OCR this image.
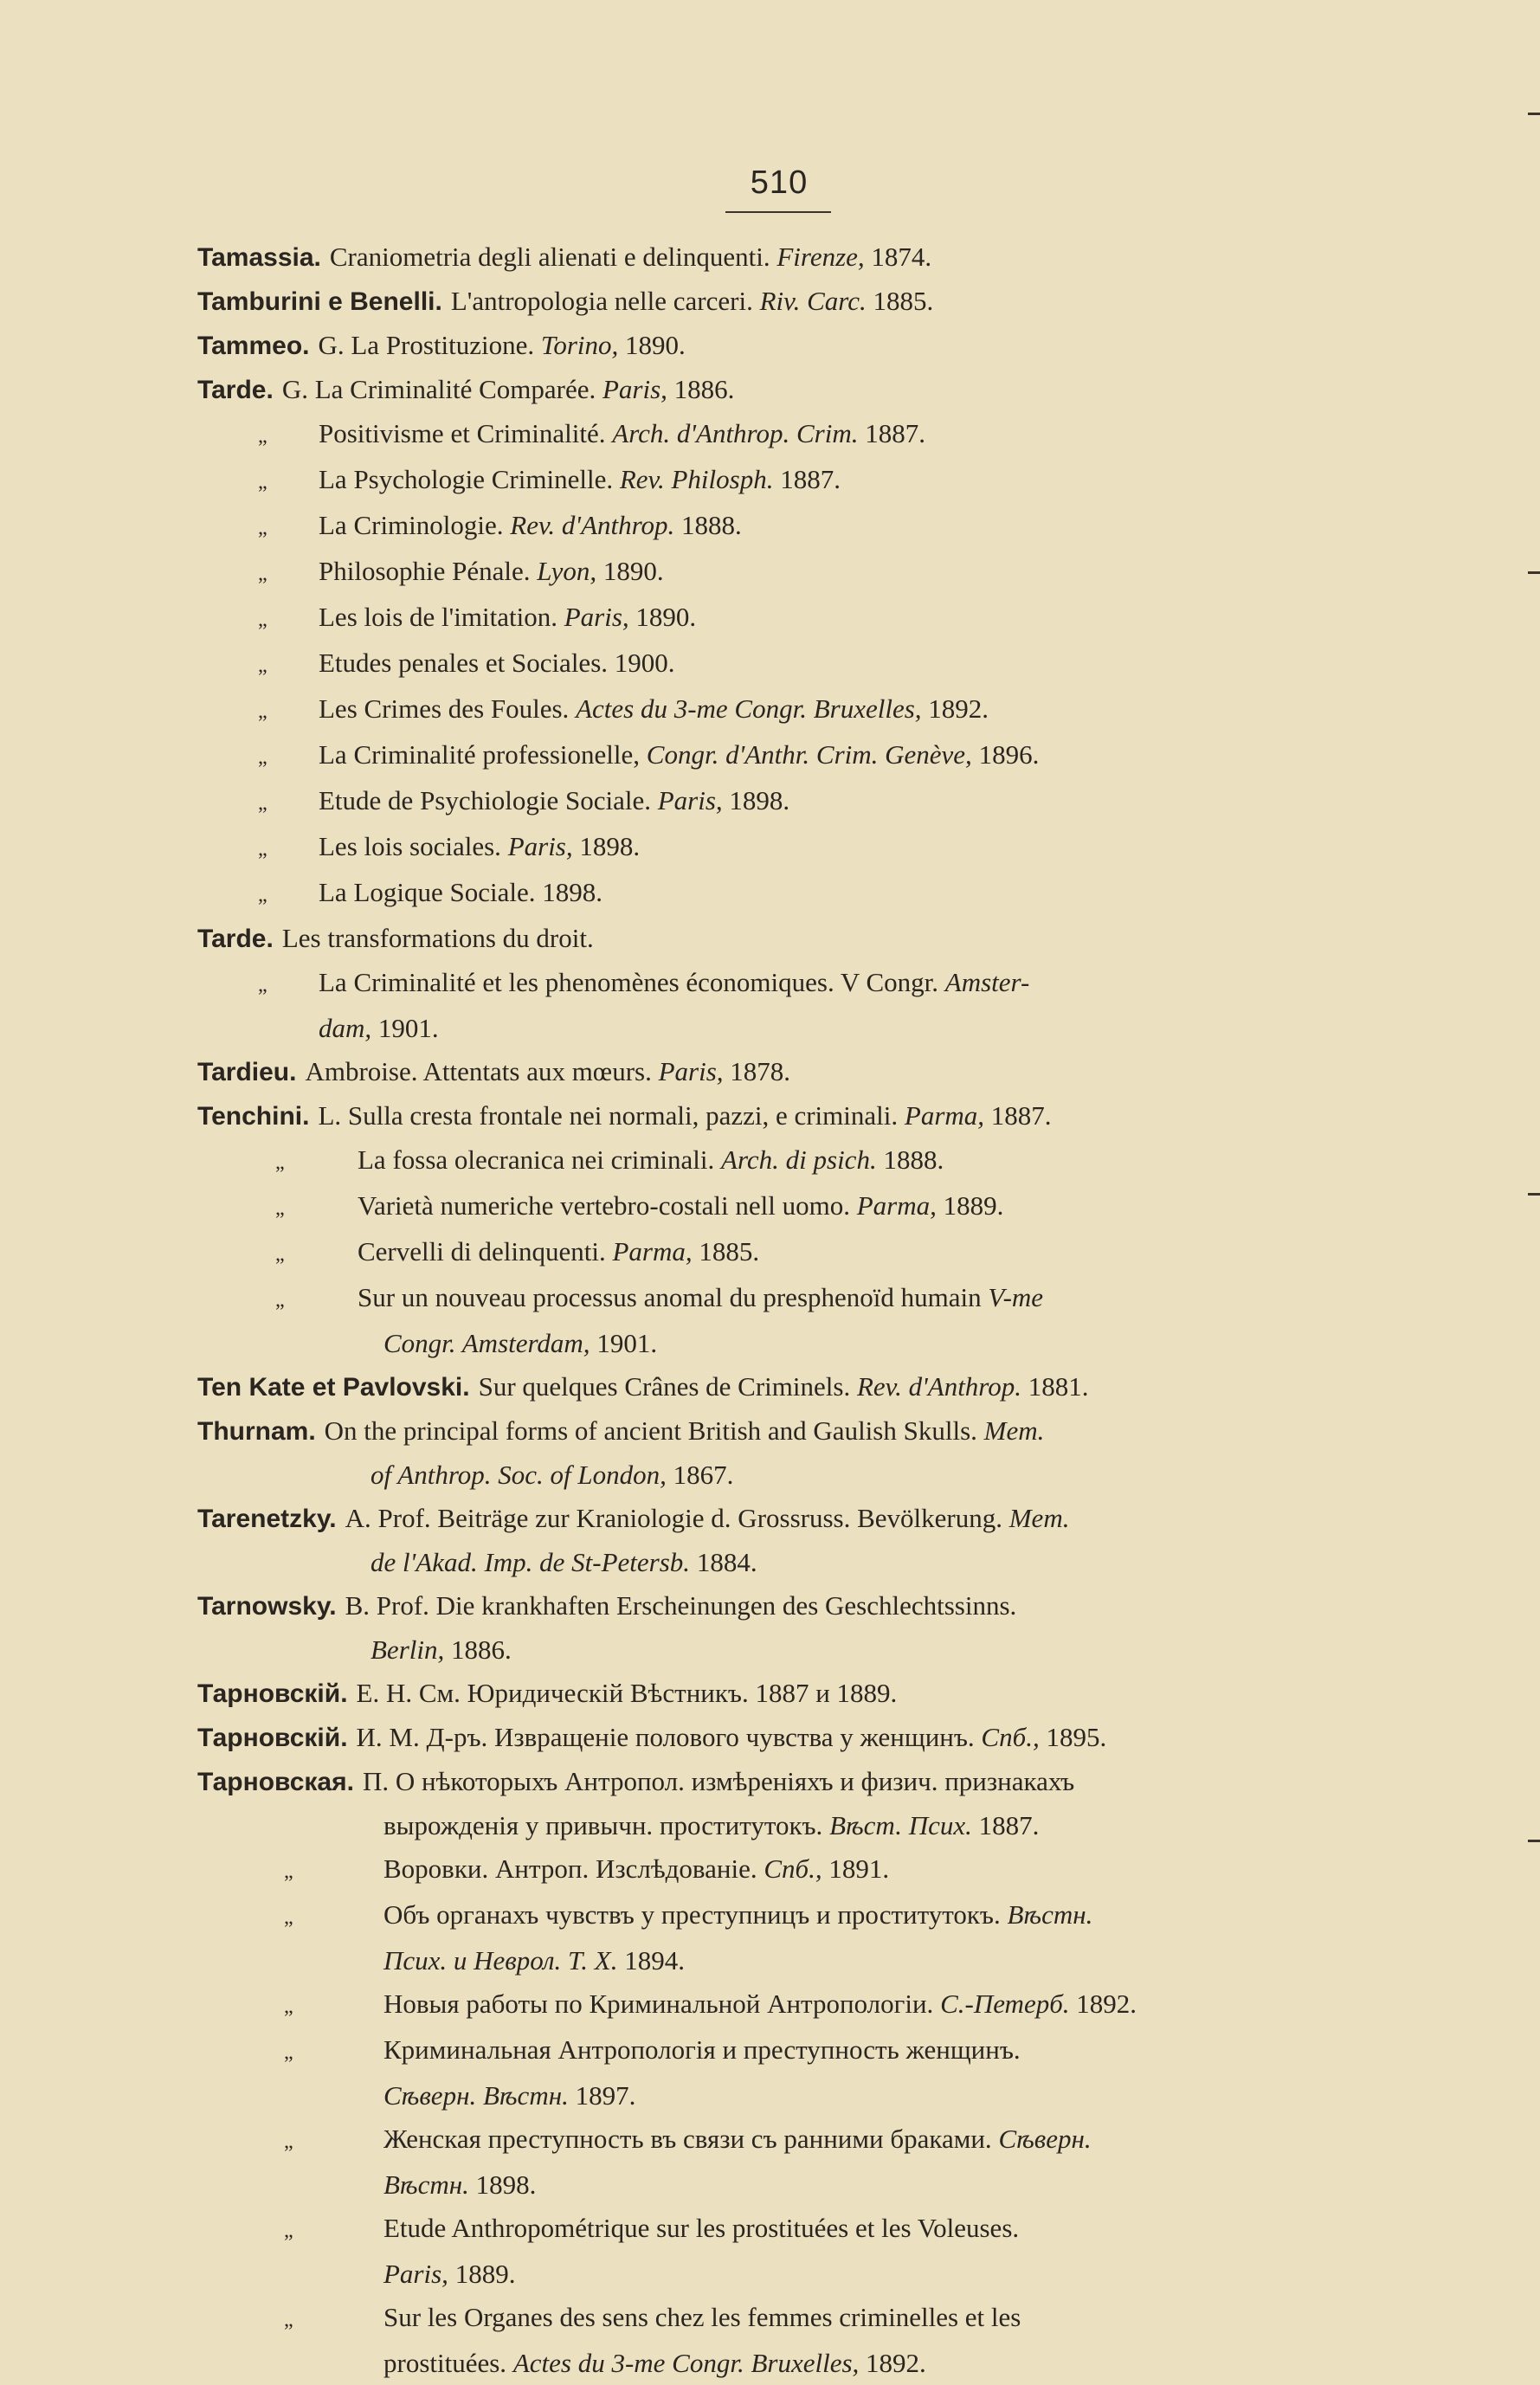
510
Tamassia. Craniometria degli alienati e delinquenti. Firenze, 1874.
Tamburini e Benelli. L'antropologia nelle carceri. Riv. Carc. 1885.
Tammeo. G. La Prostituzione. Torino, 1890.
Tarde. G. La Criminalité Comparée. Paris, 1886.
„ Positivisme et Criminalité. Arch. d'Anthrop. Crim. 1887.
„ La Psychologie Criminelle. Rev. Philosph. 1887.
„ La Criminologie. Rev. d'Anthrop. 1888.
„ Philosophie Pénale. Lyon, 1890.
„ Les lois de l'imitation. Paris, 1890.
„ Etudes penales et Sociales. 1900.
„ Les Crimes des Foules. Actes du 3-me Congr. Bruxelles, 1892.
„ La Criminalité professionelle, Congr. d'Anthr. Crim. Genève, 1896.
„ Etude de Psychiologie Sociale. Paris, 1898.
„ Les lois sociales. Paris, 1898.
„ La Logique Sociale. 1898.
Tarde. Les transformations du droit.
„ La Criminalité et les phenomènes économiques. V Congr. Amster-
dam, 1901.
Tardieu. Ambroise. Attentats aux mœurs. Paris, 1878.
Tenchini. L. Sulla cresta frontale nei normali, pazzi, e criminali. Parma, 1887.
„	La fossa olecranica nei criminali. Arch. di psich. 1888.
„	Varietà numeriche vertebro-costali nell uomo. Parma, 1889.
„	Cervelli di delinquenti. Parma, 1885.
„	Sur un nouveau processus anomal du presphenoïd humain V-me
Congr. Amsterdam, 1901.
Ten Kate et Pavlovski. Sur quelques Crânes de Criminels. Rev. d'Anthrop. 1881.
Thurnam. On the principal forms of ancient British and Gaulish Skulls. Mem.
of Anthrop. Soc. of London, 1867.
Tarenetzky. A. Prof. Beiträge zur Kraniologie d. Grossruss. Bevölkerung. Mem.
de l'Akad. Imp. de St-Petersb. 1884.
Tarnowsky. B. Prof. Die krankhaften Erscheinungen des Geschlechtssinns.
Berlin, 1886.
Тарновскій. Е. Н. См. Юридическій Вѣстникъ. 1887 и 1889.
Тарновскій. И. М. Д-ръ. Извращеніе полового чувства у женщинъ. Спб., 1895.
Тарновская. П. О нѣкоторыхъ Антропол. измѣреніяхъ и физич. признакахъ
вырожденія у привычн. проститутокъ. Вѣст. Псих. 1887.
„	Воровки. Антроп. Изслѣдованіе. Спб., 1891.
„	Объ органахъ чувствъ у преступницъ и проститутокъ. Вѣстн.
Псих. и Неврол. Т. Х. 1894.
„	Новыя работы по Криминальной Антропологіи. С.-Петерб. 1892.
„	Криминальная Антропологія и преступность женщинъ.
Сѣверн. Вѣстн. 1897.
„	Женская преступность въ связи съ ранними браками. Сѣверн.
Вѣстн. 1898.
„	Etude Anthropométrique sur les prostituées et les Voleuses.
Paris, 1889.
„	Sur les Organes des sens chez les femmes criminelles et les
prostituées. Actes du 3-me Congr. Bruxelles, 1892.
